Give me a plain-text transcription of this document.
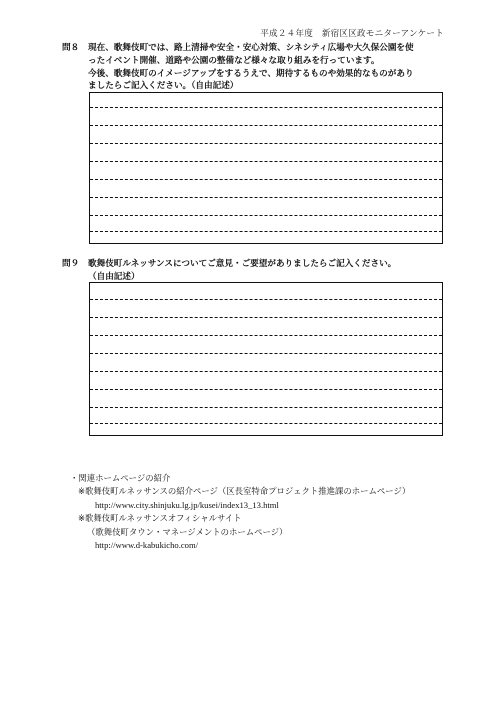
平成２４年度　新宿区区政モニターアンケート
問８ 現在、歌舞伎町では、路上清掃や安全・安心対策、シネシティ広場や大久保公園を使
ったイベント開催、道路や公園の整備など様々な取り組みを行っています。
今後、歌舞伎町のイメージアップをするうえで、期待するものや効果的なものがあり
ましたらご記入ください。（自由記述）
問９ 歌舞伎町ルネッサンスについてご意見・ご要望がありましたらご記入ください。
（自由記述）
・関連ホームページの紹介
※歌舞伎町ルネッサンスの紹介ページ（区長室特命プロジェクト推進課のホームページ）
http://www.city.shinjuku.lg.jp/kusei/index13_13.html
※歌舞伎町ルネッサンスオフィシャルサイト
（歌舞伎町タウン・マネージメントのホームページ）
http://www.d-kabukicho.com/
